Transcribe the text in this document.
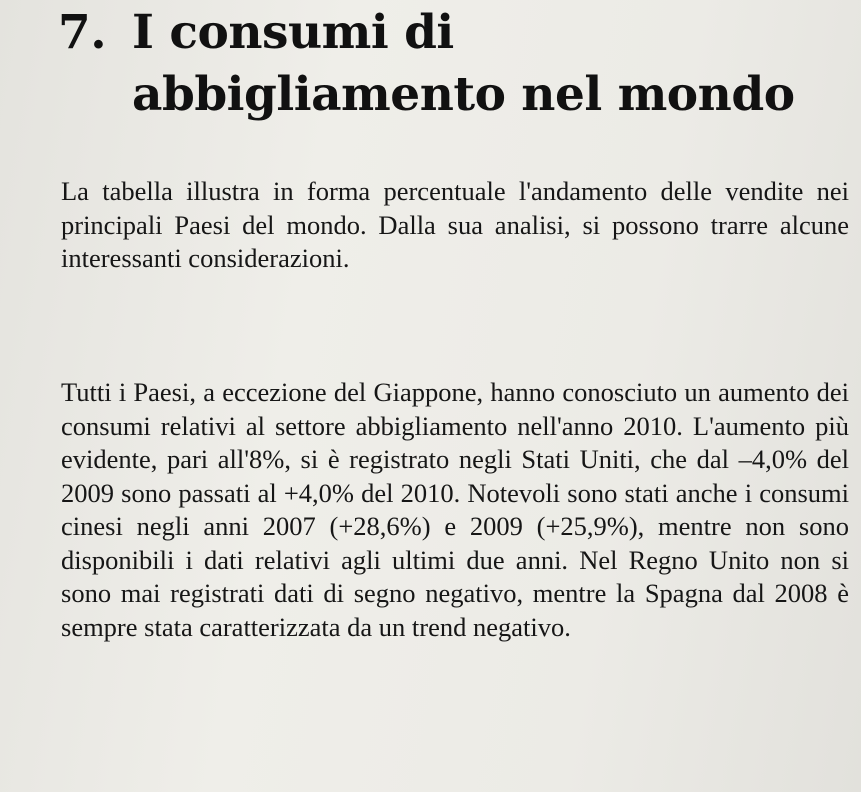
7. I consumi di
abbigliamento nel mondo

La tabella illustra in forma percentuale l'andamento delle vendite nei principali Paesi del mondo. Dalla sua analisi, si possono trarre alcune interessanti considerazioni.

Tutti i Paesi, a eccezione del Giappone, hanno conosciuto un aumento dei consumi relativi al settore abbigliamento nell'anno 2010. L'aumento più evidente, pari all'8%, si è registrato negli Stati Uniti, che dal –4,0% del 2009 sono passati al +4,0% del 2010. Notevoli sono stati anche i consumi cinesi negli anni 2007 (+28,6%) e 2009 (+25,9%), mentre non sono disponibili i dati relativi agli ultimi due anni. Nel Regno Unito non si sono mai registrati dati di segno negativo, mentre la Spagna dal 2008 è sempre stata caratterizzata da un trend negativo.
